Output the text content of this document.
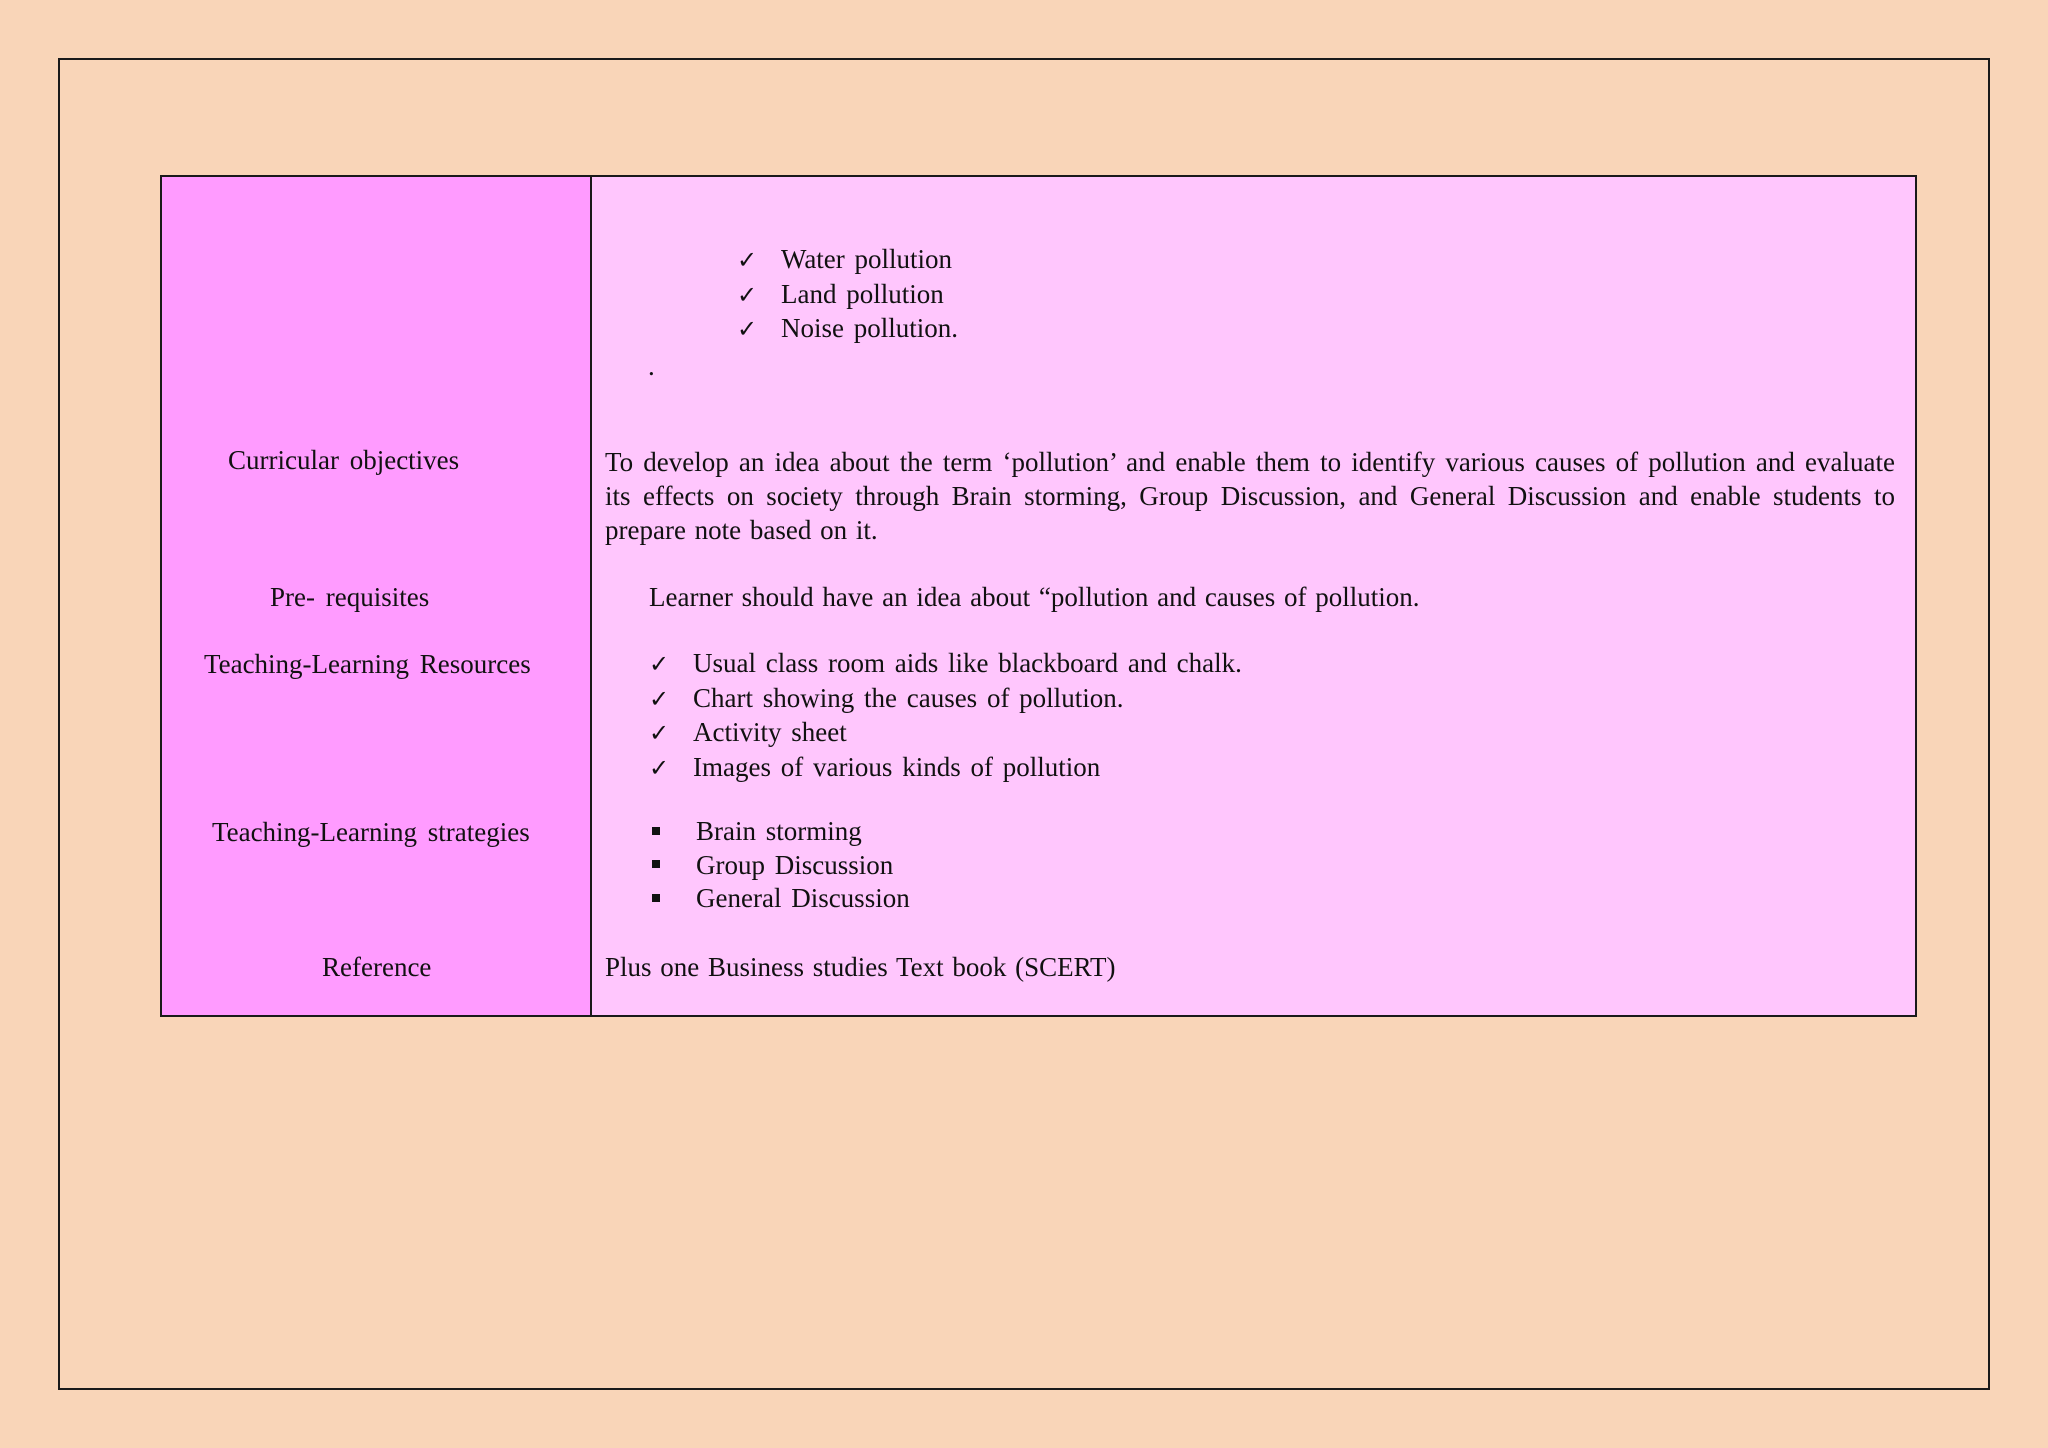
Curricular objectives
Pre- requisites
Teaching-Learning Resources
Teaching-Learning strategies
Reference
✓ Water pollution
✓ Land pollution
✓ Noise pollution.
.
To develop an idea about the term ‘pollution’ and enable them to identify various causes of pollution and evaluate its effects on society through Brain storming, Group Discussion, and General Discussion and enable students to prepare note based on it.
Learner should have an idea about “pollution and causes of pollution.
✓ Usual class room aids like blackboard and chalk.
✓ Chart showing the causes of pollution.
✓ Activity sheet
✓ Images of various kinds of pollution
Brain storming
Group Discussion
General Discussion
Plus one Business studies Text book (SCERT)
